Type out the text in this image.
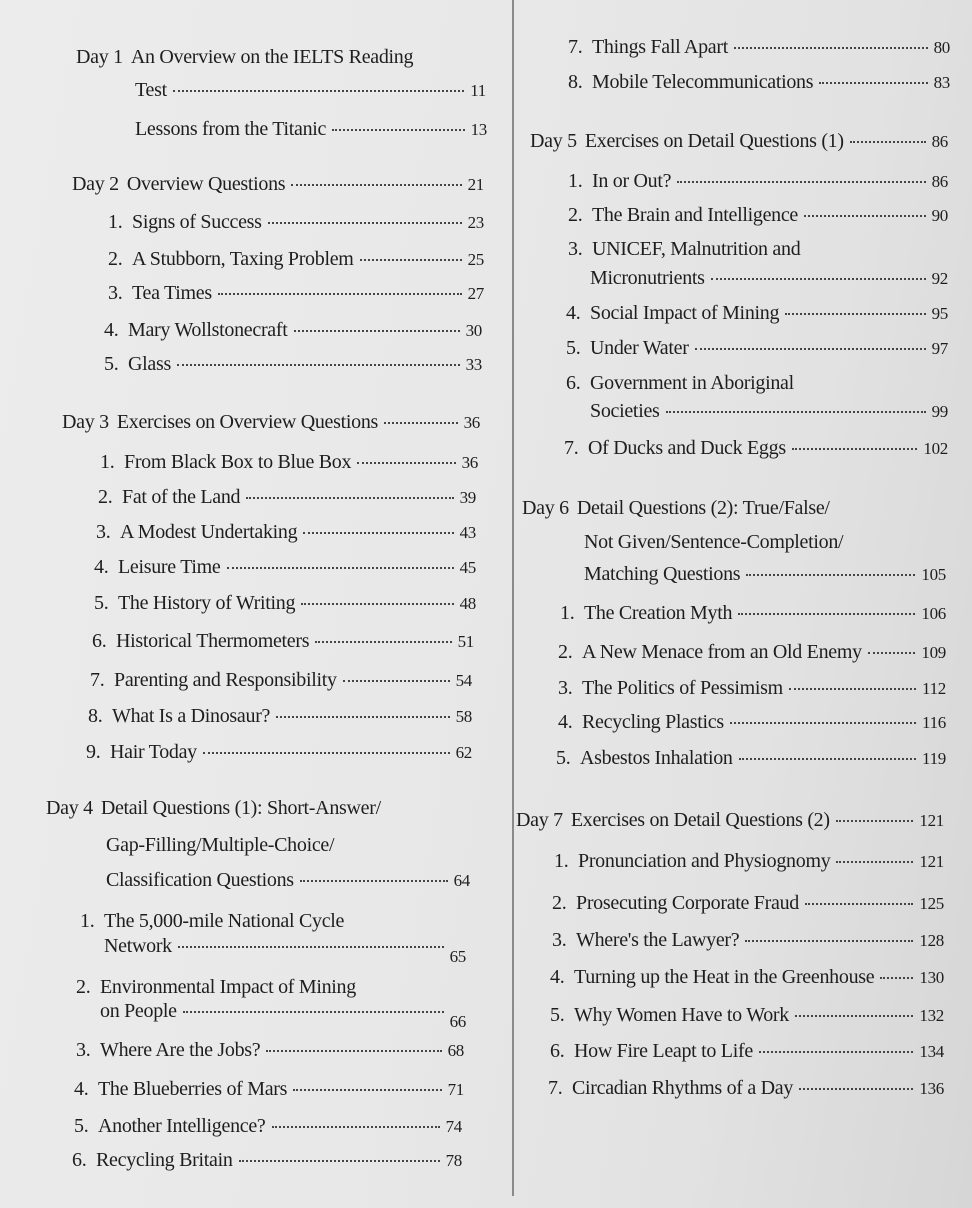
Day 1 An Overview on the IELTS Reading
Test	11
Lessons from the Titanic	13
Day 2 Overview Questions	21
1. Signs of Success	23
2. A Stubborn, Taxing Problem	25
3. Tea Times	27
4. Mary Wollstonecraft	30
5. Glass	33
Day 3 Exercises on Overview Questions	36
1. From Black Box to Blue Box	36
2. Fat of the Land	39
3. A Modest Undertaking	43
4. Leisure Time	45
5. The History of Writing	48
6. Historical Thermometers	51
7. Parenting and Responsibility	54
8. What Is a Dinosaur?	58
9. Hair Today	62
Day 4 Detail Questions (1): Short-Answer/
Gap-Filling/Multiple-Choice/
Classification Questions	64
1. The 5,000-mile National Cycle
Network	65
2. Environmental Impact of Mining
on People	66
3. Where Are the Jobs?	68
4. The Blueberries of Mars	71
5. Another Intelligence?	74
6. Recycling Britain	78
7. Things Fall Apart	80
8. Mobile Telecommunications	83
Day 5 Exercises on Detail Questions (1)	86
1. In or Out?	86
2. The Brain and Intelligence	90
3. UNICEF, Malnutrition and
Micronutrients	92
4. Social Impact of Mining	95
5. Under Water	97
6. Government in Aboriginal
Societies	99
7. Of Ducks and Duck Eggs	102
Day 6 Detail Questions (2): True/False/
Not Given/Sentence-Completion/
Matching Questions	105
1. The Creation Myth	106
2. A New Menace from an Old Enemy	109
3. The Politics of Pessimism	112
4. Recycling Plastics	116
5. Asbestos Inhalation	119
Day 7 Exercises on Detail Questions (2)	121
1. Pronunciation and Physiognomy	121
2. Prosecuting Corporate Fraud	125
3. Where's the Lawyer?	128
4. Turning up the Heat in the Greenhouse	130
5. Why Women Have to Work	132
6. How Fire Leapt to Life	134
7. Circadian Rhythms of a Day	136
